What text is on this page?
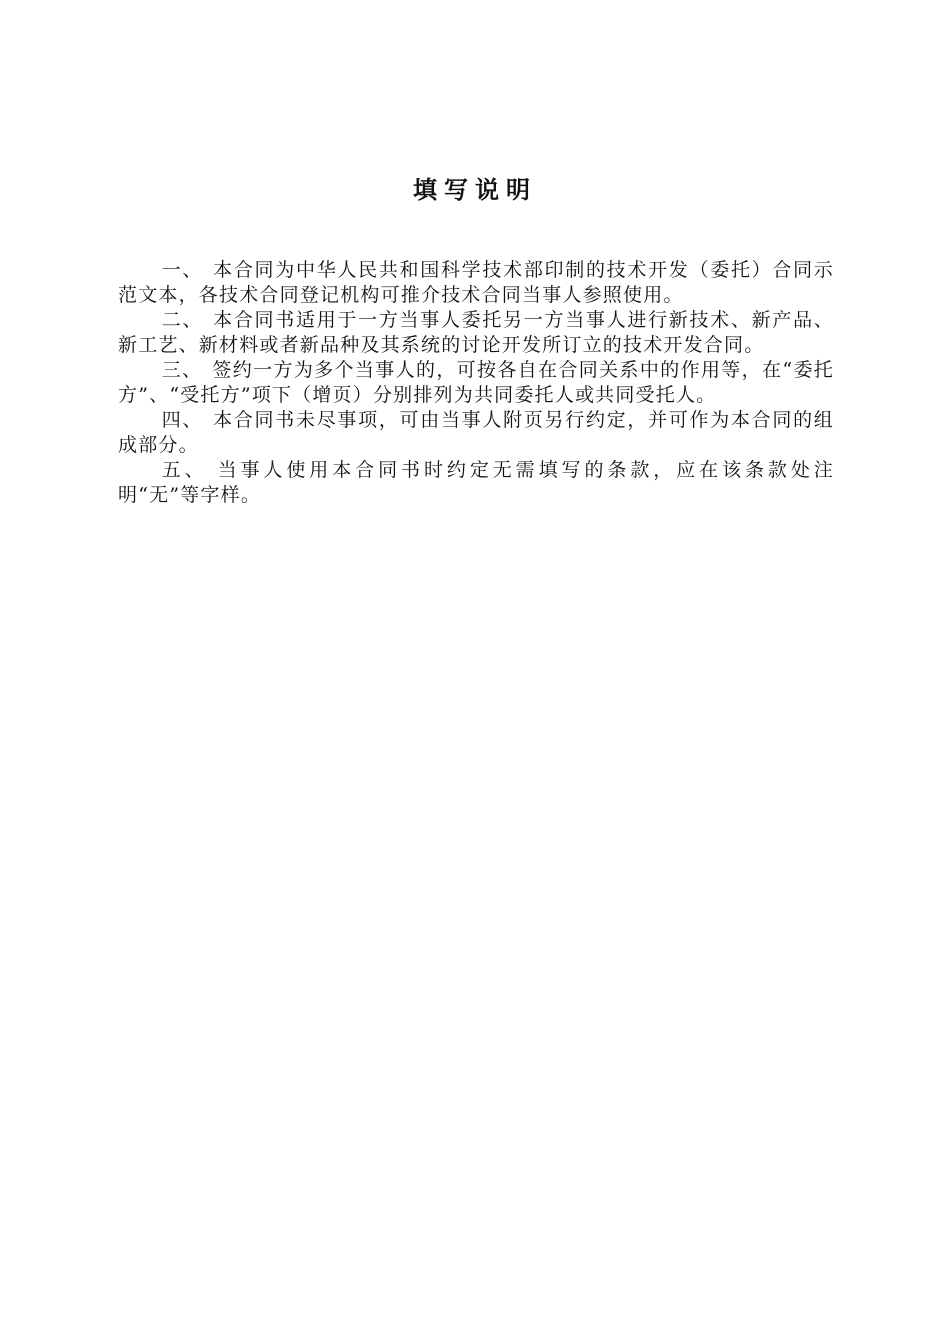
填写说明

一、 本合同为中华人民共和国科学技术部印制的技术开发（委托）合同示范文本，各技术合同登记机构可推介技术合同当事人参照使用。

二、 本合同书适用于一方当事人委托另一方当事人进行新技术、新产品、新工艺、新材料或者新品种及其系统的讨论开发所订立的技术开发合同。

三、 签约一方为多个当事人的，可按各自在合同关系中的作用等，在“委托方”、“受托方”项下（增页）分别排列为共同委托人或共同受托人。

四、 本合同书未尽事项，可由当事人附页另行约定，并可作为本合同的组成部分。

五、 当事人使用本合同书时约定无需填写的条款，应在该条款处注明“无”等字样。
